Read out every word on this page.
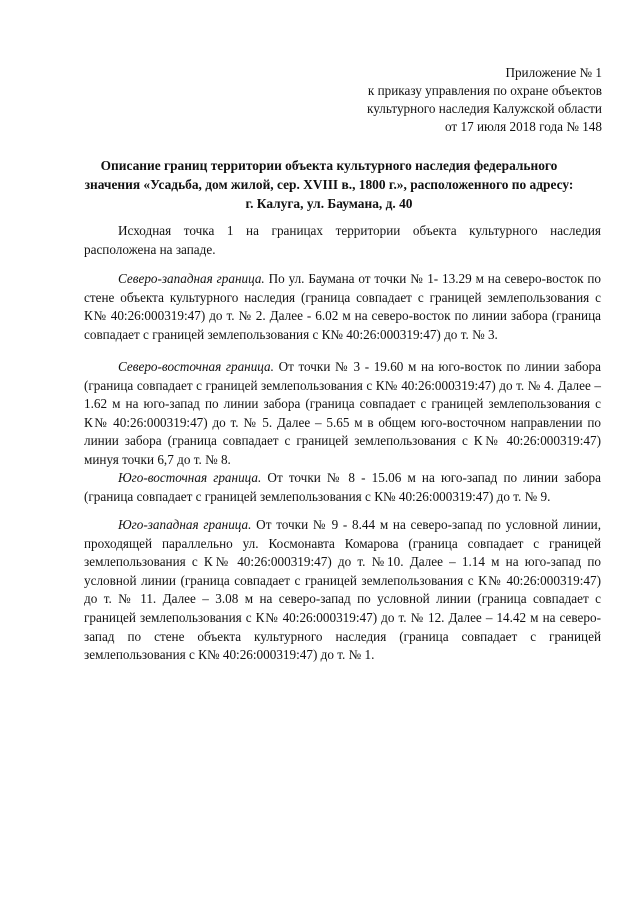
Приложение № 1
к приказу управления по охране объектов
культурного наследия Калужской области
от 17 июля 2018 года № 148
Описание границ территории объекта культурного наследия федерального
значения «Усадьба, дом жилой, сер. XVIII в., 1800 г.», расположенного по адресу:
г. Калуга, ул. Баумана, д. 40

Исходная точка 1 на границах территории объекта культурного наследия расположена на западе.

Северо-западная граница. По ул. Баумана от точки № 1- 13.29 м на северо-восток по стене объекта культурного наследия (граница совпадает с границей землепользования с К№ 40:26:000319:47) до т. № 2. Далее - 6.02 м на северо-восток по линии забора (граница совпадает с границей землепользования с К№ 40:26:000319:47) до т. № 3.

Северо-восточная граница. От точки № 3 - 19.60 м на юго-восток по линии забора (граница совпадает с границей землепользования с К№ 40:26:000319:47) до т. № 4. Далее – 1.62 м на юго-запад по линии забора (граница совпадает с границей землепользования с К№ 40:26:000319:47) до т. № 5. Далее – 5.65 м в общем юго-восточном направлении по линии забора (граница совпадает с границей землепользования с К№ 40:26:000319:47) минуя точки 6,7 до т. № 8.

Юго-восточная граница. От точки № 8 - 15.06 м на юго-запад по линии забора (граница совпадает с границей землепользования с К№ 40:26:000319:47) до т. № 9.

Юго-западная граница. От точки № 9 - 8.44 м на северо-запад по условной линии, проходящей параллельно ул. Космонавта Комарова (граница совпадает с границей землепользования с К№ 40:26:000319:47) до т. №10. Далее – 1.14 м на юго-запад по условной линии (граница совпадает с границей землепользования с К№ 40:26:000319:47) до т. № 11. Далее – 3.08 м на северо-запад по условной линии (граница совпадает с границей землепользования с К№ 40:26:000319:47) до т. № 12. Далее – 14.42 м на северо-запад по стене объекта культурного наследия (граница совпадает с границей землепользования с К№ 40:26:000319:47) до т. № 1.
